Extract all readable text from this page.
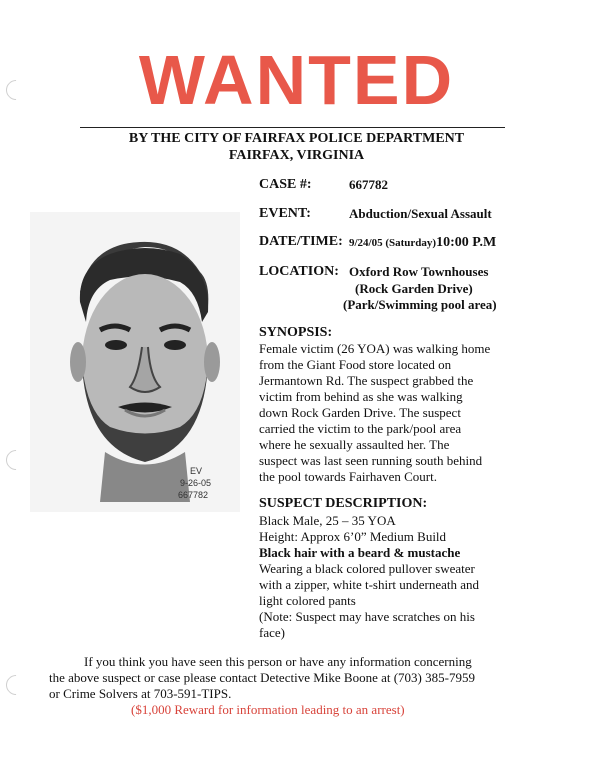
WANTED
BY THE CITY OF FAIRFAX POLICE DEPARTMENT
FAIRFAX, VIRGINIA
CASE #:	667782
EVENT:	Abduction/Sexual Assault
DATE/TIME: 9/24/05 (Saturday)10:00 P.M
LOCATION: Oxford Row Townhouses
(Rock Garden Drive)
(Park/Swimming pool area)
EV
9-26-05
667782
SYNOPSIS:
Female victim (26 YOA) was walking home
from the Giant Food store located on
Jermantown Rd. The suspect grabbed the
victim from behind as she was walking
down Rock Garden Drive. The suspect
carried the victim to the park/pool area
where he sexually assaulted her. The
suspect was last seen running south behind
the pool towards Fairhaven Court.
SUSPECT DESCRIPTION:
Black Male, 25 – 35 YOA
Height: Approx 6’0” Medium Build
Black hair with a beard & mustache
Wearing a black colored pullover sweater
with a zipper, white t-shirt underneath and
light colored pants
(Note: Suspect may have scratches on his
face)
If you think you have seen this person or have any information concerning
the above suspect or case please contact Detective Mike Boone at (703) 385-7959
or Crime Solvers at 703-591-TIPS.
($1,000 Reward for information leading to an arrest)
